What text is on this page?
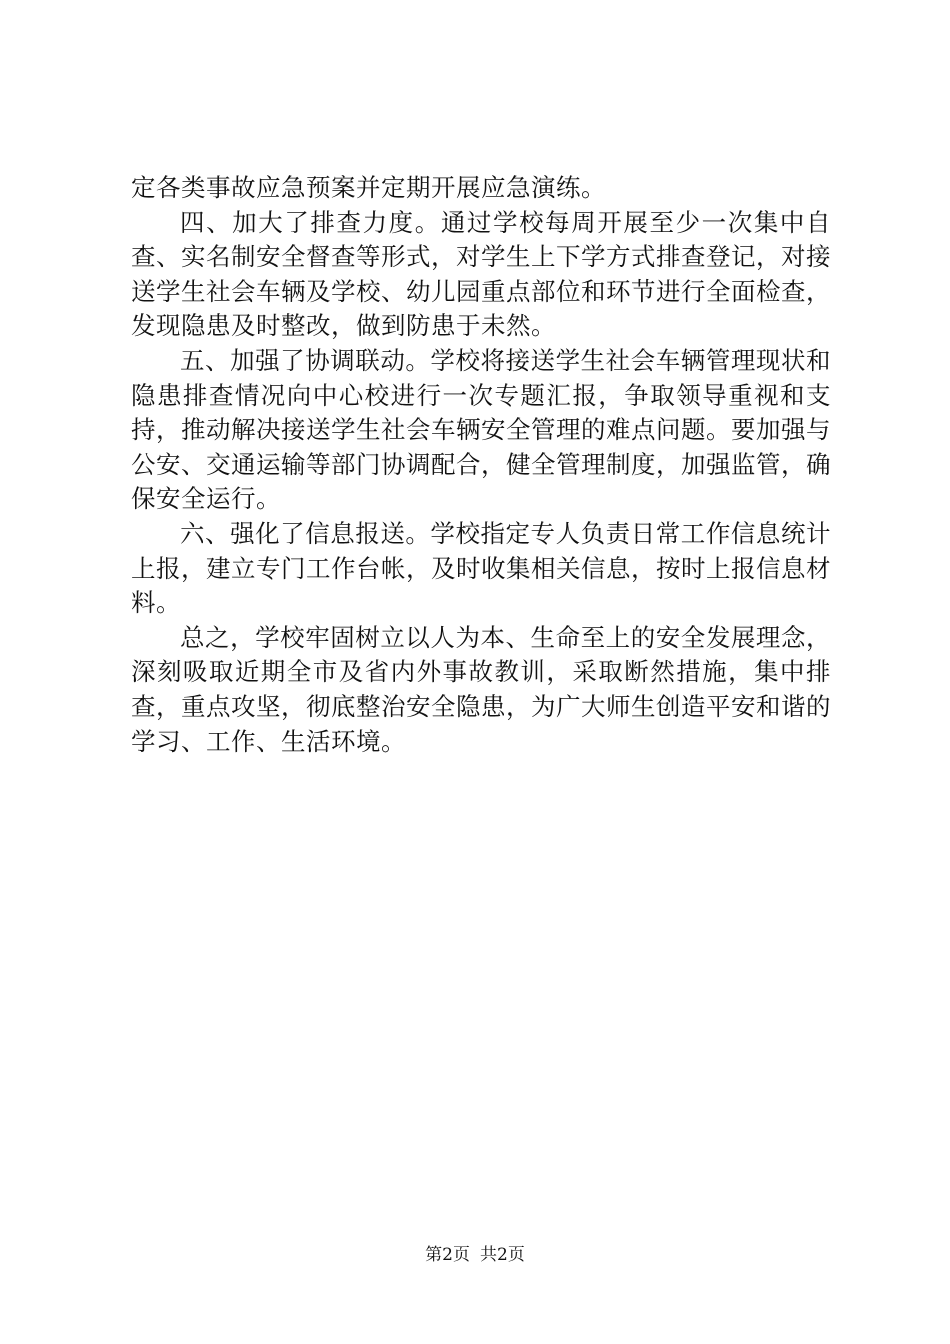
定各类事故应急预案并定期开展应急演练。

四、加大了排查力度。通过学校每周开展至少一次集中自查、实名制安全督查等形式，对学生上下学方式排查登记，对接送学生社会车辆及学校、幼儿园重点部位和环节进行全面检查，发现隐患及时整改，做到防患于未然。

五、加强了协调联动。学校将接送学生社会车辆管理现状和隐患排查情况向中心校进行一次专题汇报，争取领导重视和支持，推动解决接送学生社会车辆安全管理的难点问题。要加强与公安、交通运输等部门协调配合，健全管理制度，加强监管，确保安全运行。

六、强化了信息报送。学校指定专人负责日常工作信息统计上报，建立专门工作台帐，及时收集相关信息，按时上报信息材料。

总之，学校牢固树立以人为本、生命至上的安全发展理念，深刻吸取近期全市及省内外事故教训，采取断然措施，集中排查，重点攻坚，彻底整治安全隐患，为广大师生创造平安和谐的学习、工作、生活环境。

第2页 共2页
